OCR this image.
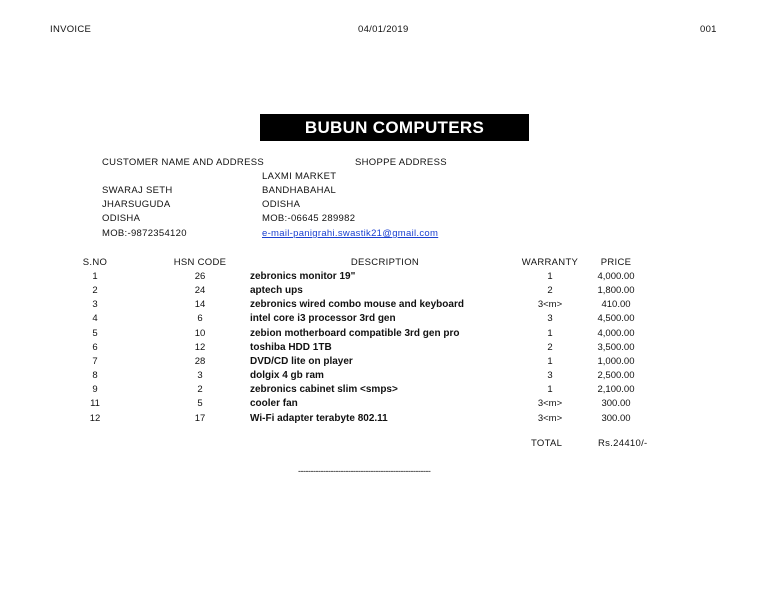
INVOICE	04/01/2019	001
BUBUN COMPUTERS
CUSTOMER NAME AND ADDRESS
SWARAJ SETH
JHARSUGUDA
ODISHA
MOB:-9872354120
SHOPPE ADDRESS
LAXMI MARKET
BANDHABAHAL
ODISHA
MOB:-06645 289982
e-mail-panigrahi.swastik21@gmail.com
S.NO	HSN CODE	DESCRIPTION	WARRANTY	PRICE
1	26	zebronics monitor 19"	1	4,000.00
2	24	aptech ups	2	1,800.00
3	14	zebronics wired combo mouse and keyboard	3<m>	410.00
4	6	intel core i3 processor 3rd gen	3	4,500.00
5	10	zebion motherboard compatible 3rd gen pro	1	4,000.00
6	12	toshiba HDD 1TB	2	3,500.00
7	28	DVD/CD lite on player	1	1,000.00
8	3	dolgix 4 gb ram	3	2,500.00
9	2	zebronics cabinet slim <smps>	1	2,100.00
11	5	cooler fan	3<m>	300.00
12	17	Wi-Fi adapter terabyte 802.11	3<m>	300.00
TOTAL	Rs.24410/-
-----------------------------------------------------
